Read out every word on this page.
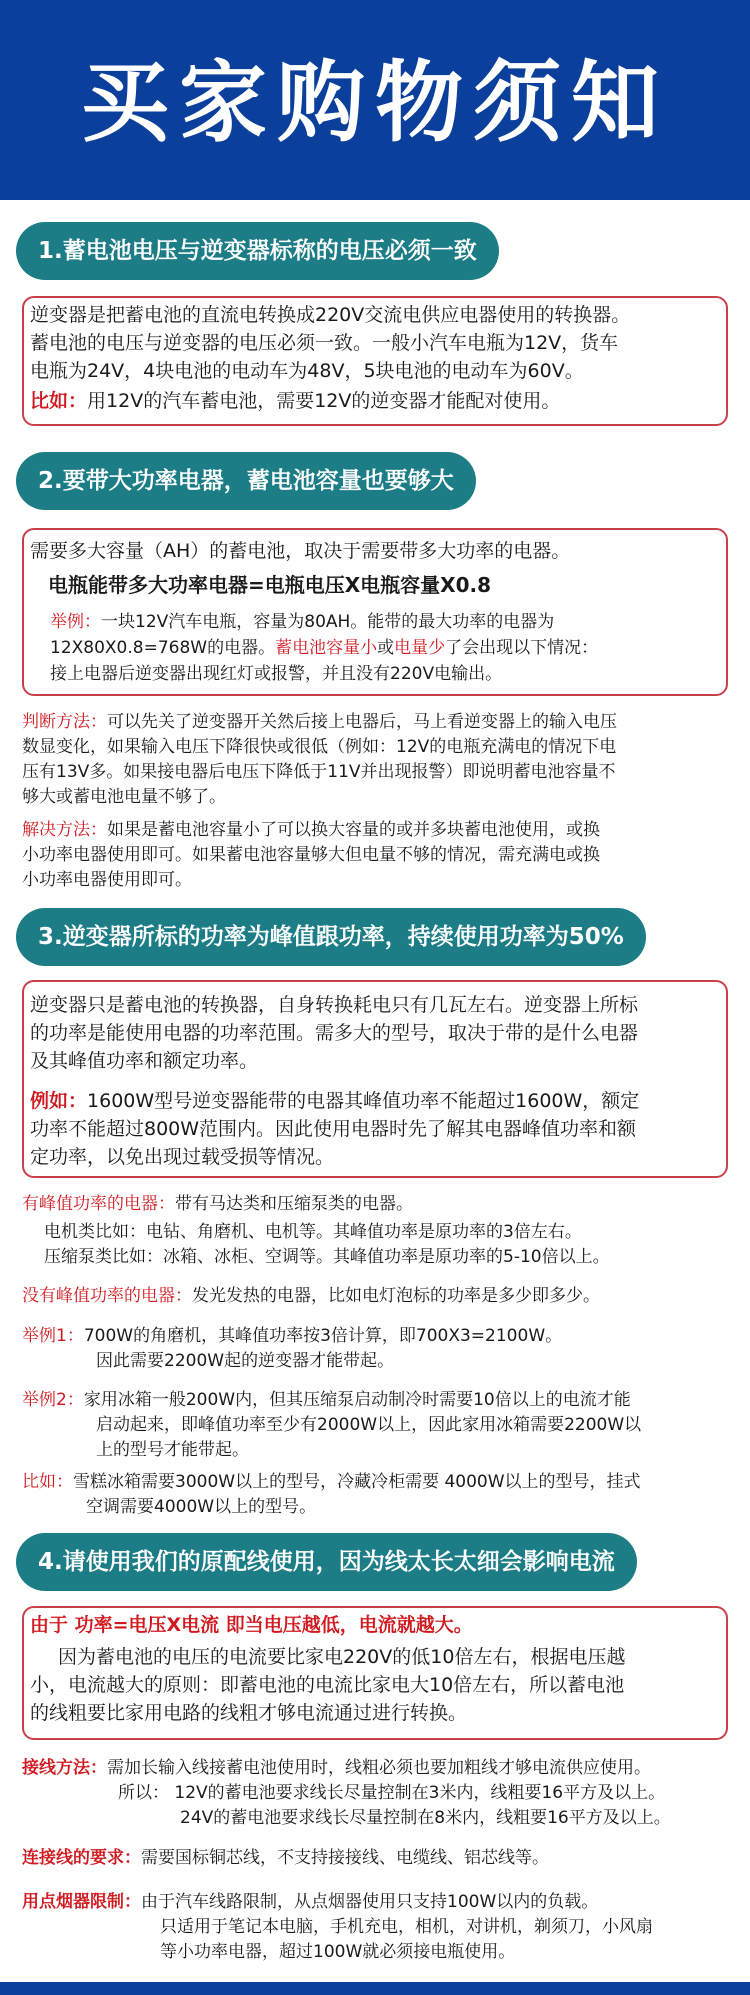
买家购物须知
1.蓄电池电压与逆变器标称的电压必须一致
逆变器是把蓄电池的直流电转换成220V交流电供应电器使用的转换器。
蓄电池的电压与逆变器的电压必须一致。一般小汽车电瓶为12V，货车
电瓶为24V，4块电池的电动车为48V，5块电池的电动车为60V。
比如：用12V的汽车蓄电池，需要12V的逆变器才能配对使用。
2.要带大功率电器，蓄电池容量也要够大
需要多大容量（AH）的蓄电池，取决于需要带多大功率的电器。
电瓶能带多大功率电器=电瓶电压X电瓶容量X0.8
举例：一块12V汽车电瓶，容量为80AH。能带的最大功率的电器为
12X80X0.8=768W的电器。蓄电池容量小或电量少了会出现以下情况：
接上电器后逆变器出现红灯或报警，并且没有220V电输出。
判断方法：可以先关了逆变器开关然后接上电器后，马上看逆变器上的输入电压
数显变化，如果输入电压下降很快或很低（例如：12V的电瓶充满电的情况下电
压有13V多。如果接电器后电压下降低于11V并出现报警）即说明蓄电池容量不
够大或蓄电池电量不够了。
解决方法：如果是蓄电池容量小了可以换大容量的或并多块蓄电池使用，或换
小功率电器使用即可。如果蓄电池容量够大但电量不够的情况，需充满电或换
小功率电器使用即可。
3.逆变器所标的功率为峰值跟功率，持续使用功率为50%
逆变器只是蓄电池的转换器，自身转换耗电只有几瓦左右。逆变器上所标
的功率是能使用电器的功率范围。需多大的型号，取决于带的是什么电器
及其峰值功率和额定功率。
例如：1600W型号逆变器能带的电器其峰值功率不能超过1600W，额定
功率不能超过800W范围内。因此使用电器时先了解其电器峰值功率和额
定功率，以免出现过载受损等情况。
有峰值功率的电器：带有马达类和压缩泵类的电器。
电机类比如：电钻、角磨机、电机等。其峰值功率是原功率的3倍左右。
压缩泵类比如：冰箱、冰柜、空调等。其峰值功率是原功率的5-10倍以上。
没有峰值功率的电器：发光发热的电器，比如电灯泡标的功率是多少即多少。
举例1：700W的角磨机，其峰值功率按3倍计算，即700X3=2100W。
因此需要2200W起的逆变器才能带起。
举例2：家用冰箱一般200W内，但其压缩泵启动制冷时需要10倍以上的电流才能
启动起来，即峰值功率至少有2000W以上，因此家用冰箱需要2200W以
上的型号才能带起。
比如：雪糕冰箱需要3000W以上的型号，冷藏冷柜需要 4000W以上的型号，挂式
空调需要4000W以上的型号。
4.请使用我们的原配线使用，因为线太长太细会影响电流
由于 功率=电压X电流 即当电压越低，电流就越大。
因为蓄电池的电压的电流要比家电220V的低10倍左右，根据电压越
小，电流越大的原则：即蓄电池的电流比家电大10倍左右，所以蓄电池
的线粗要比家用电路的线粗才够电流通过进行转换。
接线方法：需加长输入线接蓄电池使用时，线粗必须也要加粗线才够电流供应使用。
所以： 12V的蓄电池要求线长尽量控制在3米内，线粗要16平方及以上。
24V的蓄电池要求线长尽量控制在8米内，线粗要16平方及以上。
连接线的要求：需要国标铜芯线，不支持接接线、电缆线、铝芯线等。
用点烟器限制：由于汽车线路限制，从点烟器使用只支持100W以内的负载。
只适用于笔记本电脑，手机充电，相机，对讲机，剃须刀，小风扇
等小功率电器，超过100W就必须接电瓶使用。
